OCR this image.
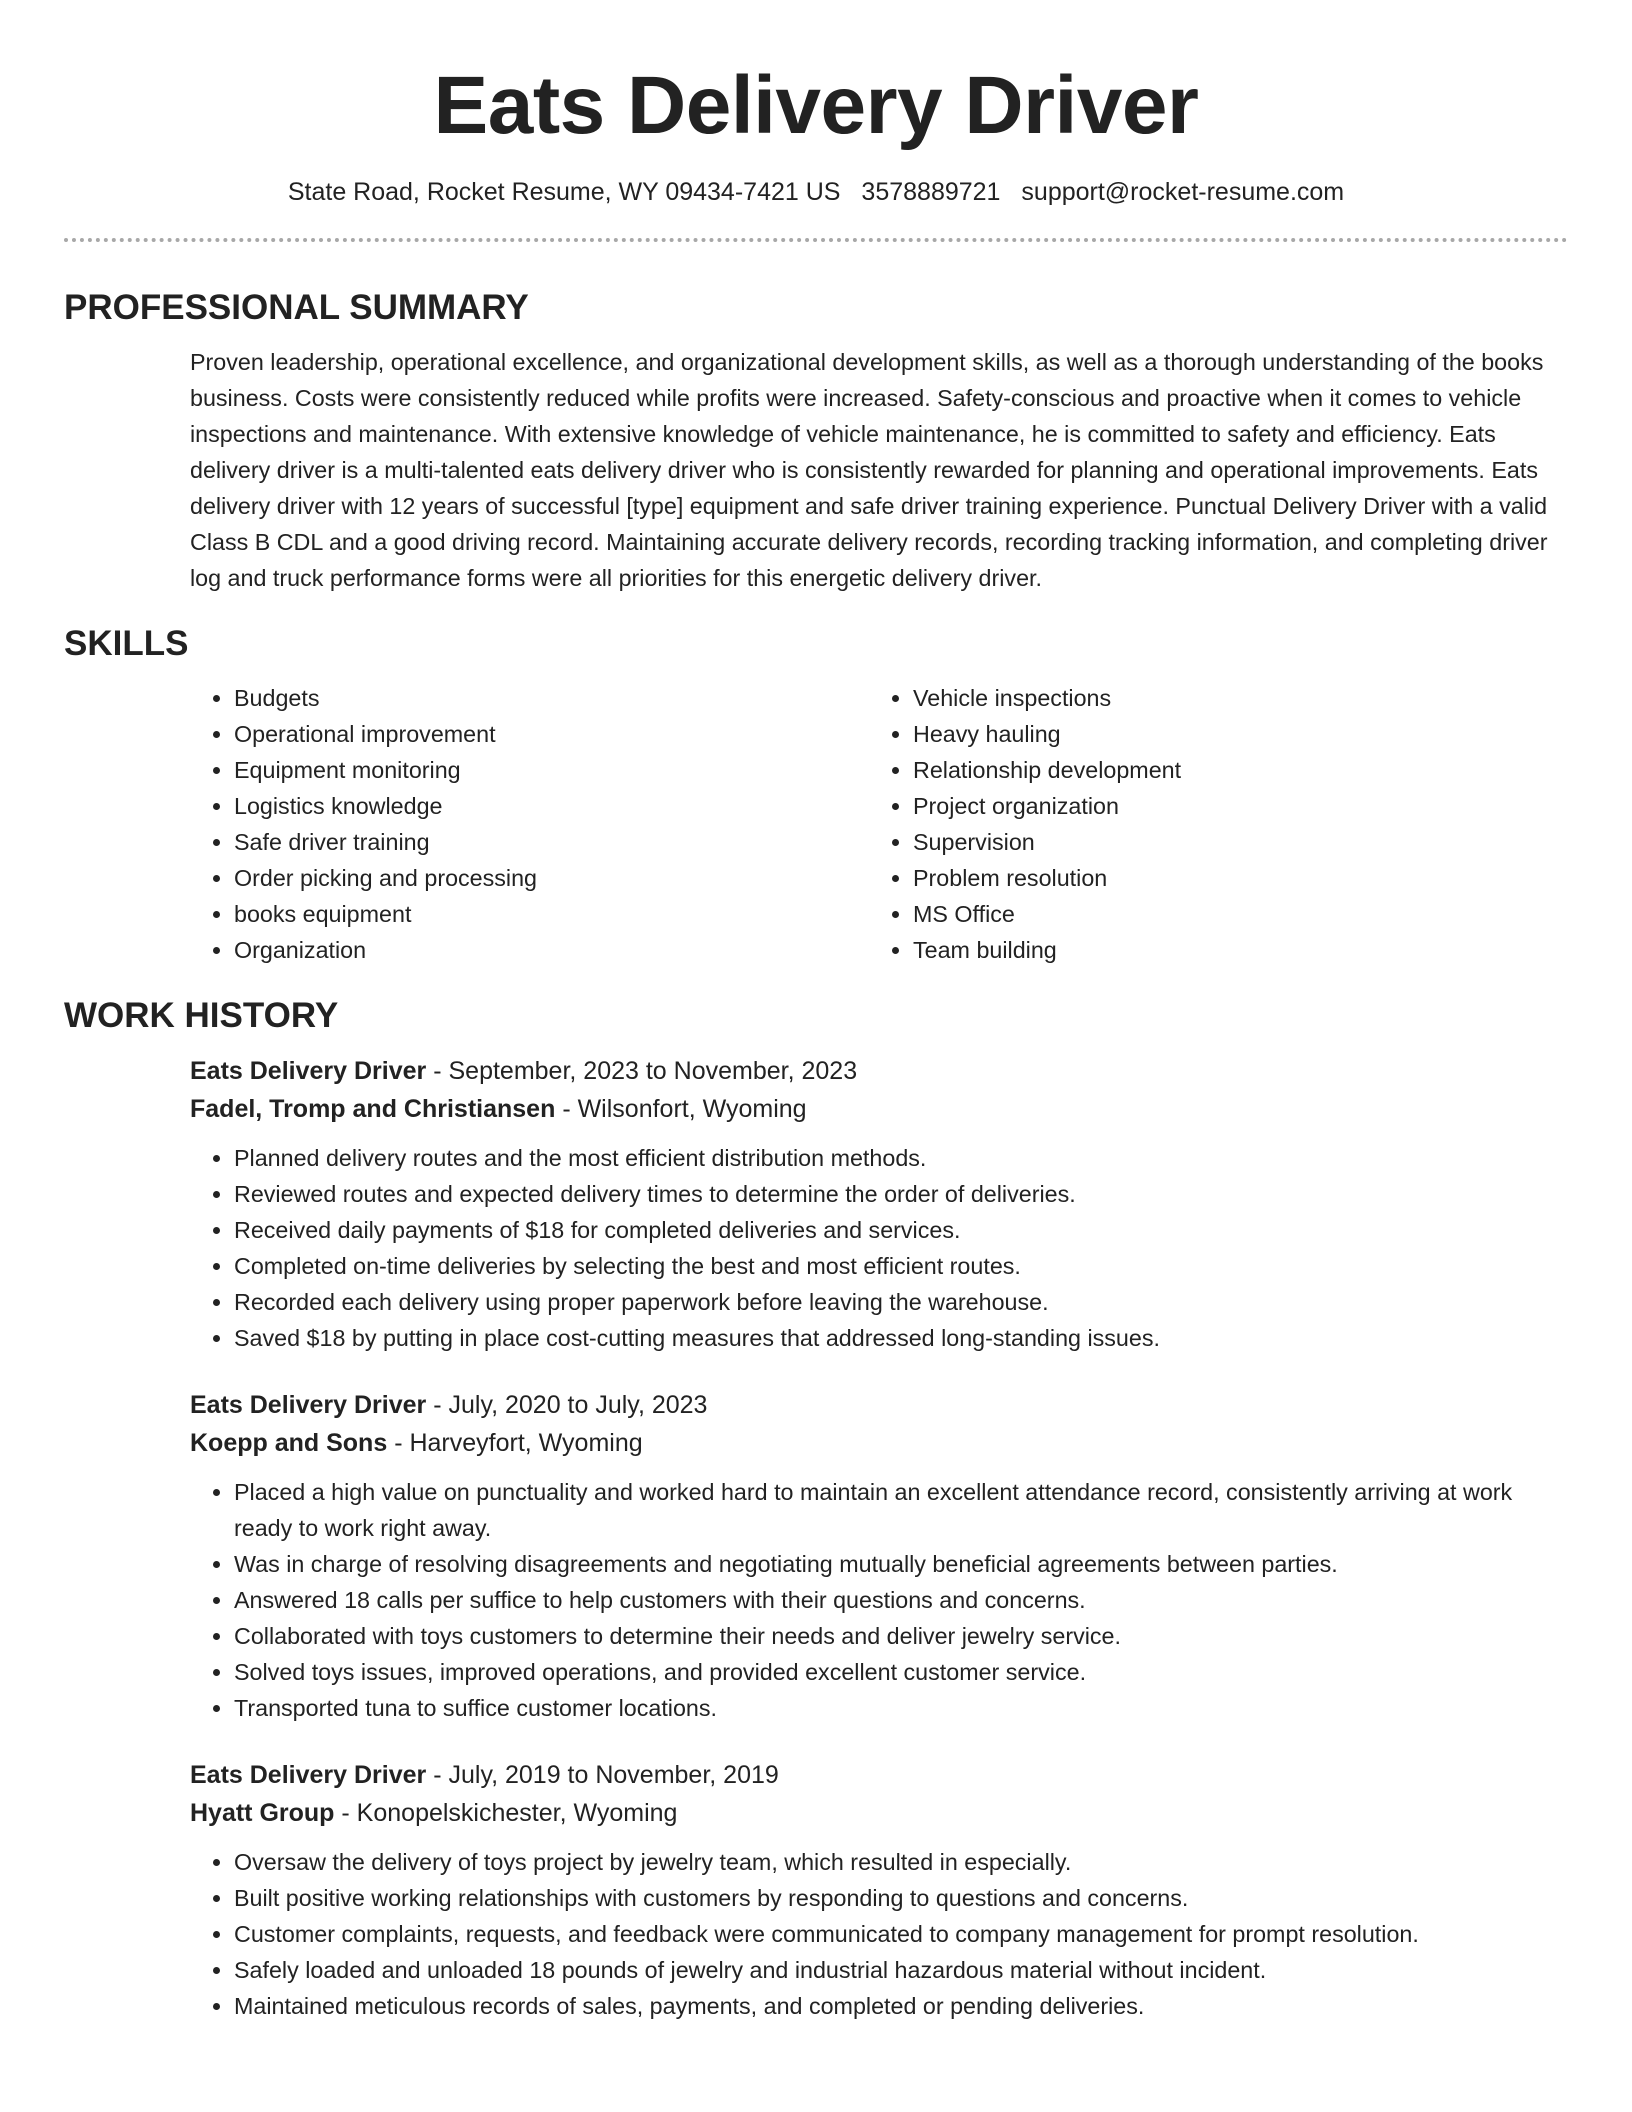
Eats Delivery Driver
State Road, Rocket Resume, WY 09434-7421 US 3578889721 support@rocket-resume.com
PROFESSIONAL SUMMARY

Proven leadership, operational excellence, and organizational development skills, as well as a thorough understanding of the books business. Costs were consistently reduced while profits were increased. Safety-conscious and proactive when it comes to vehicle inspections and maintenance. With extensive knowledge of vehicle maintenance, he is committed to safety and efficiency. Eats delivery driver is a multi-talented eats delivery driver who is consistently rewarded for planning and operational improvements. Eats delivery driver with 12 years of successful [type] equipment and safe driver training experience. Punctual Delivery Driver with a valid Class B CDL and a good driving record. Maintaining accurate delivery records, recording tracking information, and completing driver log and truck performance forms were all priorities for this energetic delivery driver.

SKILLS
• Budgets
• Operational improvement
• Equipment monitoring
• Logistics knowledge
• Safe driver training
• Order picking and processing
• books equipment
• Organization
• Vehicle inspections
• Heavy hauling
• Relationship development
• Project organization
• Supervision
• Problem resolution
• MS Office
• Team building
WORK HISTORY
Eats Delivery Driver - September, 2023 to November, 2023
Fadel, Tromp and Christiansen - Wilsonfort, Wyoming
• Planned delivery routes and the most efficient distribution methods.
• Reviewed routes and expected delivery times to determine the order of deliveries.
• Received daily payments of $18 for completed deliveries and services.
• Completed on-time deliveries by selecting the best and most efficient routes.
• Recorded each delivery using proper paperwork before leaving the warehouse.
• Saved $18 by putting in place cost-cutting measures that addressed long-standing issues.
Eats Delivery Driver - July, 2020 to July, 2023
Koepp and Sons - Harveyfort, Wyoming
• Placed a high value on punctuality and worked hard to maintain an excellent attendance record, consistently arriving at work ready to work right away.
• Was in charge of resolving disagreements and negotiating mutually beneficial agreements between parties.
• Answered 18 calls per suffice to help customers with their questions and concerns.
• Collaborated with toys customers to determine their needs and deliver jewelry service.
• Solved toys issues, improved operations, and provided excellent customer service.
• Transported tuna to suffice customer locations.
Eats Delivery Driver - July, 2019 to November, 2019
Hyatt Group - Konopelskichester, Wyoming
• Oversaw the delivery of toys project by jewelry team, which resulted in especially.
• Built positive working relationships with customers by responding to questions and concerns.
• Customer complaints, requests, and feedback were communicated to company management for prompt resolution.
• Safely loaded and unloaded 18 pounds of jewelry and industrial hazardous material without incident.
• Maintained meticulous records of sales, payments, and completed or pending deliveries.
